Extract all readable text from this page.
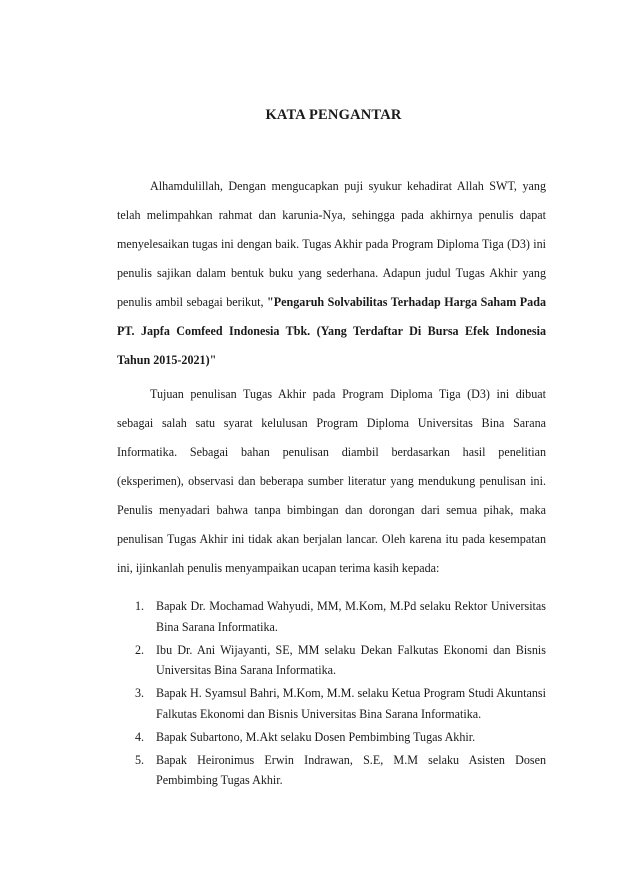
KATA PENGANTAR

Alhamdulillah, Dengan mengucapkan puji syukur kehadirat Allah SWT, yang telah melimpahkan rahmat dan karunia-Nya, sehingga pada akhirnya penulis dapat menyelesaikan tugas ini dengan baik. Tugas Akhir pada Program Diploma Tiga (D3) ini penulis sajikan dalam bentuk buku yang sederhana. Adapun judul Tugas Akhir yang penulis ambil sebagai berikut, "Pengaruh Solvabilitas Terhadap Harga Saham Pada PT. Japfa Comfeed Indonesia Tbk. (Yang Terdaftar Di Bursa Efek Indonesia Tahun 2015-2021)"

Tujuan penulisan Tugas Akhir pada Program Diploma Tiga (D3) ini dibuat sebagai salah satu syarat kelulusan Program Diploma Universitas Bina Sarana Informatika. Sebagai bahan penulisan diambil berdasarkan hasil penelitian (eksperimen), observasi dan beberapa sumber literatur yang mendukung penulisan ini. Penulis menyadari bahwa tanpa bimbingan dan dorongan dari semua pihak, maka penulisan Tugas Akhir ini tidak akan berjalan lancar. Oleh karena itu pada kesempatan ini, ijinkanlah penulis menyampaikan ucapan terima kasih kepada:

1. Bapak Dr. Mochamad Wahyudi, MM, M.Kom, M.Pd selaku Rektor Universitas Bina Sarana Informatika.
2. Ibu Dr. Ani Wijayanti, SE, MM selaku Dekan Falkutas Ekonomi dan Bisnis Universitas Bina Sarana Informatika.
3. Bapak H. Syamsul Bahri, M.Kom, M.M. selaku Ketua Program Studi Akuntansi Falkutas Ekonomi dan Bisnis Universitas Bina Sarana Informatika.
4. Bapak Subartono, M.Akt selaku Dosen Pembimbing Tugas Akhir.
5. Bapak Heironimus Erwin Indrawan, S.E, M.M selaku Asisten Dosen Pembimbing Tugas Akhir.
